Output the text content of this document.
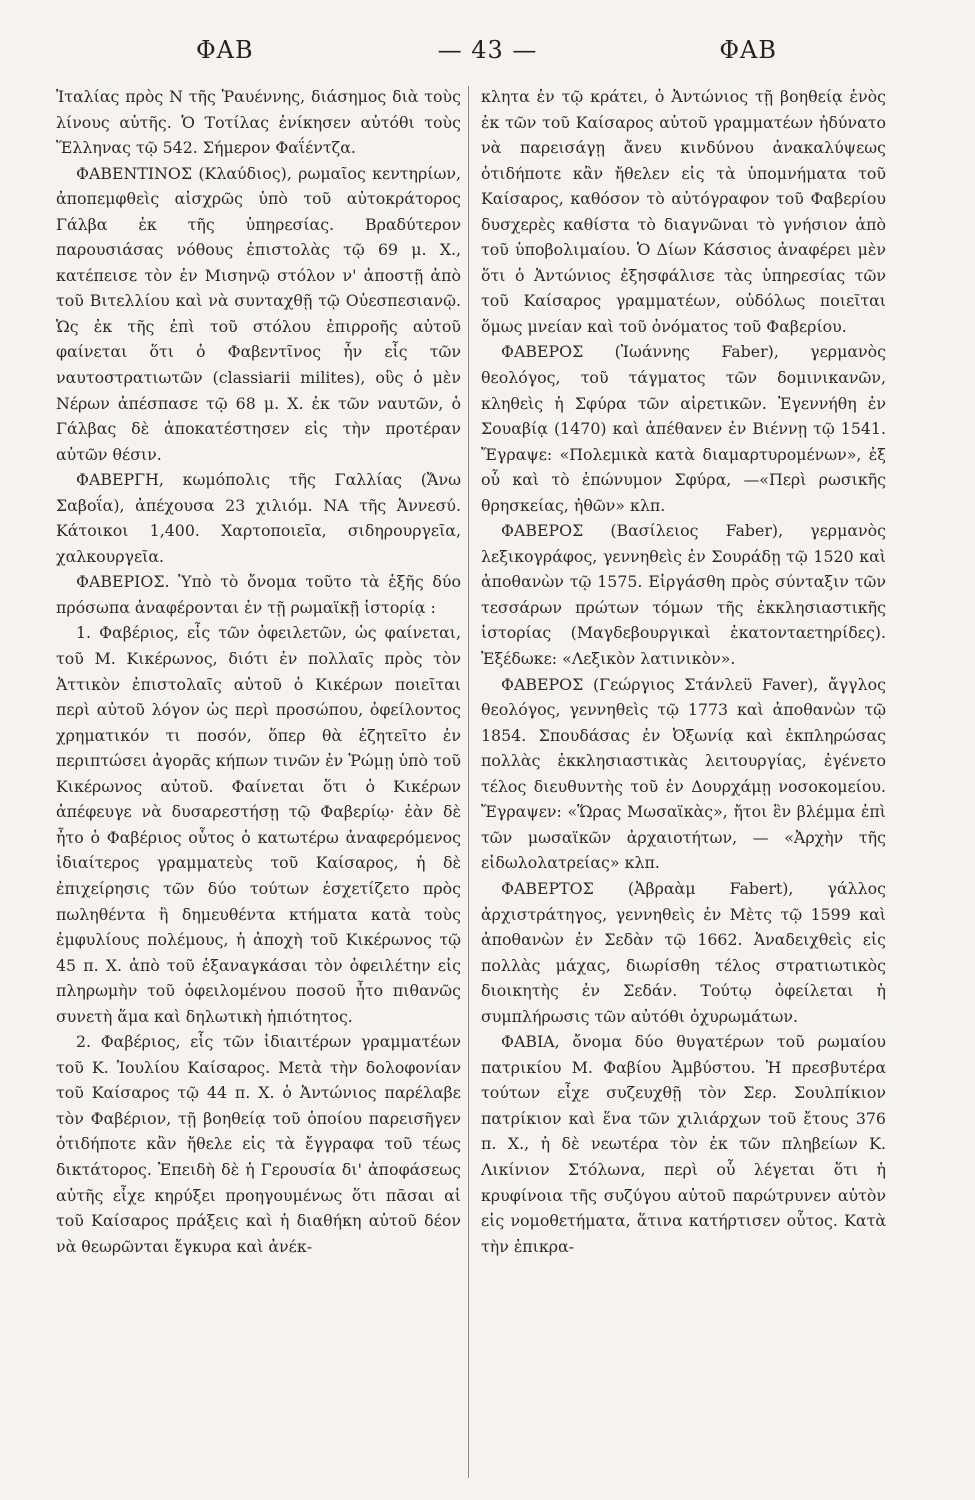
ΦΑΒ	— 43 —	ΦΑΒ

Ἰταλίας πρὸς Ν τῆς Ῥαυέννης, διάσημος διὰ τοὺς λίνους αὐτῆς. Ὁ Τοτίλας ἐνίκησεν αὐτόθι τοὺς Ἕλληνας τῷ 542. Σήμερον Φαΐέντζα.

ΦΑΒΕΝΤΙΝΟΣ (Κλαύδιος), ρωμαῖος κεντηρίων, ἀποπεμφθεὶς αἰσχρῶς ὑπὸ τοῦ αὐτοκράτορος Γάλβα ἐκ τῆς ὑπηρεσίας. Βραδύτερον παρουσιάσας νόθους ἐπιστολὰς τῷ 69 μ. Χ., κατέπεισε τὸν ἐν Μισηνῷ στόλον ν' ἀποστῇ ἀπὸ τοῦ Βιτελλίου καὶ νὰ συνταχθῇ τῷ Οὐεσπεσιανῷ. Ὡς ἐκ τῆς ἐπὶ τοῦ στόλου ἐπιρροῆς αὐτοῦ φαίνεται ὅτι ὁ Φαβεντῖνος ἦν εἷς τῶν ναυτοστρατιωτῶν (classiarii milites), οὓς ὁ μὲν Νέρων ἀπέσπασε τῷ 68 μ. Χ. ἐκ τῶν ναυτῶν, ὁ Γάλβας δὲ ἀποκατέστησεν εἰς τὴν προτέραν αὐτῶν θέσιν.

ΦΑΒΕΡΓΗ, κωμόπολις τῆς Γαλλίας (Ἄνω Σαβοΐα), ἀπέχουσα 23 χιλιόμ. ΝΑ τῆς Ἀννεσύ. Κάτοικοι 1,400. Χαρτοποιεῖα, σιδηρουργεῖα, χαλκουργεῖα.

ΦΑΒΕΡΙΟΣ. Ὑπὸ τὸ ὄνομα τοῦτο τὰ ἑξῆς δύο πρόσωπα ἀναφέρονται ἐν τῇ ρωμαϊκῇ ἱστορίᾳ :

1. Φαβέριος, εἷς τῶν ὀφειλετῶν, ὡς φαίνεται, τοῦ Μ. Κικέρωνος, διότι ἐν πολλαῖς πρὸς τὸν Ἀττικὸν ἐπιστολαῖς αὐτοῦ ὁ Κικέρων ποιεῖται περὶ αὐτοῦ λόγον ὡς περὶ προσώπου, ὀφείλοντος χρηματικόν τι ποσόν, ὅπερ θὰ ἐζητεῖτο ἐν περιπτώσει ἀγορᾶς κήπων τινῶν ἐν Ῥώμῃ ὑπὸ τοῦ Κικέρωνος αὐτοῦ. Φαίνεται ὅτι ὁ Κικέρων ἀπέφευγε νὰ δυσαρεστήσῃ τῷ Φαβερίῳ· ἐὰν δὲ ἦτο ὁ Φαβέριος οὗτος ὁ κατωτέρω ἀναφερόμενος ἰδιαίτερος γραμματεὺς τοῦ Καίσαρος, ἡ δὲ ἐπιχείρησις τῶν δύο τούτων ἐσχετίζετο πρὸς πωληθέντα ἢ δημευθέντα κτήματα κατὰ τοὺς ἐμφυλίους πολέμους, ἡ ἀποχὴ τοῦ Κικέρωνος τῷ 45 π. Χ. ἀπὸ τοῦ ἐξαναγκάσαι τὸν ὀφειλέτην εἰς πληρωμὴν τοῦ ὀφειλομένου ποσοῦ ἦτο πιθανῶς συνετὴ ἅμα καὶ δηλωτικὴ ἠπιότητος.

2. Φαβέριος, εἷς τῶν ἰδιαιτέρων γραμματέων τοῦ Κ. Ἰουλίου Καίσαρος. Μετὰ τὴν δολοφονίαν τοῦ Καίσαρος τῷ 44 π. Χ. ὁ Ἀντώνιος παρέλαβε τὸν Φαβέριον, τῇ βοηθείᾳ τοῦ ὁποίου παρεισῆγεν ὁτιδήποτε κἂν ἤθελε εἰς τὰ ἔγγραφα τοῦ τέως δικτάτορος. Ἐπειδὴ δὲ ἡ Γερουσία δι' ἀποφάσεως αὐτῆς εἶχε κηρύξει προηγουμένως ὅτι πᾶσαι αἱ τοῦ Καίσαρος πράξεις καὶ ἡ διαθήκη αὐτοῦ δέον νὰ θεωρῶνται ἔγκυρα καὶ ἀνέκ-

κλητα ἐν τῷ κράτει, ὁ Ἀντώνιος τῇ βοηθείᾳ ἑνὸς ἐκ τῶν τοῦ Καίσαρος αὐτοῦ γραμματέων ἠδύνατο νὰ παρεισάγῃ ἄνευ κινδύνου ἀνακαλύψεως ὁτιδήποτε κἂν ἤθελεν εἰς τὰ ὑπομνήματα τοῦ Καίσαρος, καθόσον τὸ αὐτόγραφον τοῦ Φαβερίου δυσχερὲς καθίστα τὸ διαγνῶναι τὸ γνήσιον ἀπὸ τοῦ ὑποβολιμαίου. Ὁ Δίων Κάσσιος ἀναφέρει μὲν ὅτι ὁ Ἀντώνιος ἐξησφάλισε τὰς ὑπηρεσίας τῶν τοῦ Καίσαρος γραμματέων, οὐδόλως ποιεῖται ὅμως μνείαν καὶ τοῦ ὀνόματος τοῦ Φαβερίου.

ΦΑΒΕΡΟΣ (Ἰωάννης Faber), γερμανὸς θεολόγος, τοῦ τάγματος τῶν δομινικανῶν, κληθεὶς ἡ Σφύρα τῶν αἱρετικῶν. Ἐγεννήθη ἐν Σουαβίᾳ (1470) καὶ ἀπέθανεν ἐν Βιέννῃ τῷ 1541. Ἔγραψε: «Πολεμικὰ κατὰ διαμαρτυρομένων», ἐξ οὗ καὶ τὸ ἐπώνυμον Σφύρα, —«Περὶ ρωσικῆς θρησκείας, ἠθῶν» κλπ.

ΦΑΒΕΡΟΣ (Βασίλειος Faber), γερμανὸς λεξικογράφος, γεννηθεὶς ἐν Σουράδῃ τῷ 1520 καὶ ἀποθανὼν τῷ 1575. Εἰργάσθη πρὸς σύνταξιν τῶν τεσσάρων πρώτων τόμων τῆς ἐκκλησιαστικῆς ἱστορίας (Μαγδεβουργικαὶ ἑκατονταετηρίδες). Ἐξέδωκε: «Λεξικὸν λατινικὸν».

ΦΑΒΕΡΟΣ (Γεώργιος Στάνλεϋ Faver), ἄγγλος θεολόγος, γεννηθεὶς τῷ 1773 καὶ ἀποθανὼν τῷ 1854. Σπουδάσας ἐν Ὀξωνίᾳ καὶ ἐκπληρώσας πολλὰς ἐκκλησιαστικὰς λειτουργίας, ἐγένετο τέλος διευθυντὴς τοῦ ἐν Δουρχάμῃ νοσοκομείου. Ἔγραψεν: «Ὥρας Μωσαϊκὰς», ἤτοι ἓν βλέμμα ἐπὶ τῶν μωσαϊκῶν ἀρχαιοτήτων, — «Ἀρχὴν τῆς εἰδωλολατρείας» κλπ.

ΦΑΒΕΡΤΟΣ (Ἀβραὰμ Fabert), γάλλος ἀρχιστράτηγος, γεννηθεὶς ἐν Μὲτς τῷ 1599 καὶ ἀποθανὼν ἐν Σεδὰν τῷ 1662. Ἀναδειχθεὶς εἰς πολλὰς μάχας, διωρίσθη τέλος στρατιωτικὸς διοικητὴς ἐν Σεδάν. Τούτῳ ὀφείλεται ἡ συμπλήρωσις τῶν αὐτόθι ὀχυρωμάτων.

ΦΑΒΙΑ, ὄνομα δύο θυγατέρων τοῦ ρωμαίου πατρικίου Μ. Φαβίου Ἀμβύστου. Ἡ πρεσβυτέρα τούτων εἶχε συζευχθῇ τὸν Σερ. Σουλπίκιον πατρίκιον καὶ ἕνα τῶν χιλιάρχων τοῦ ἔτους 376 π. Χ., ἡ δὲ νεωτέρα τὸν ἐκ τῶν πληβείων Κ. Λικίνιον Στόλωνα, περὶ οὗ λέγεται ὅτι ἡ κρυφίνοια τῆς συζύγου αὐτοῦ παρώτρυνεν αὐτὸν εἰς νομοθετήματα, ἅτινα κατήρτισεν οὗτος. Κατὰ τὴν ἐπικρα-
